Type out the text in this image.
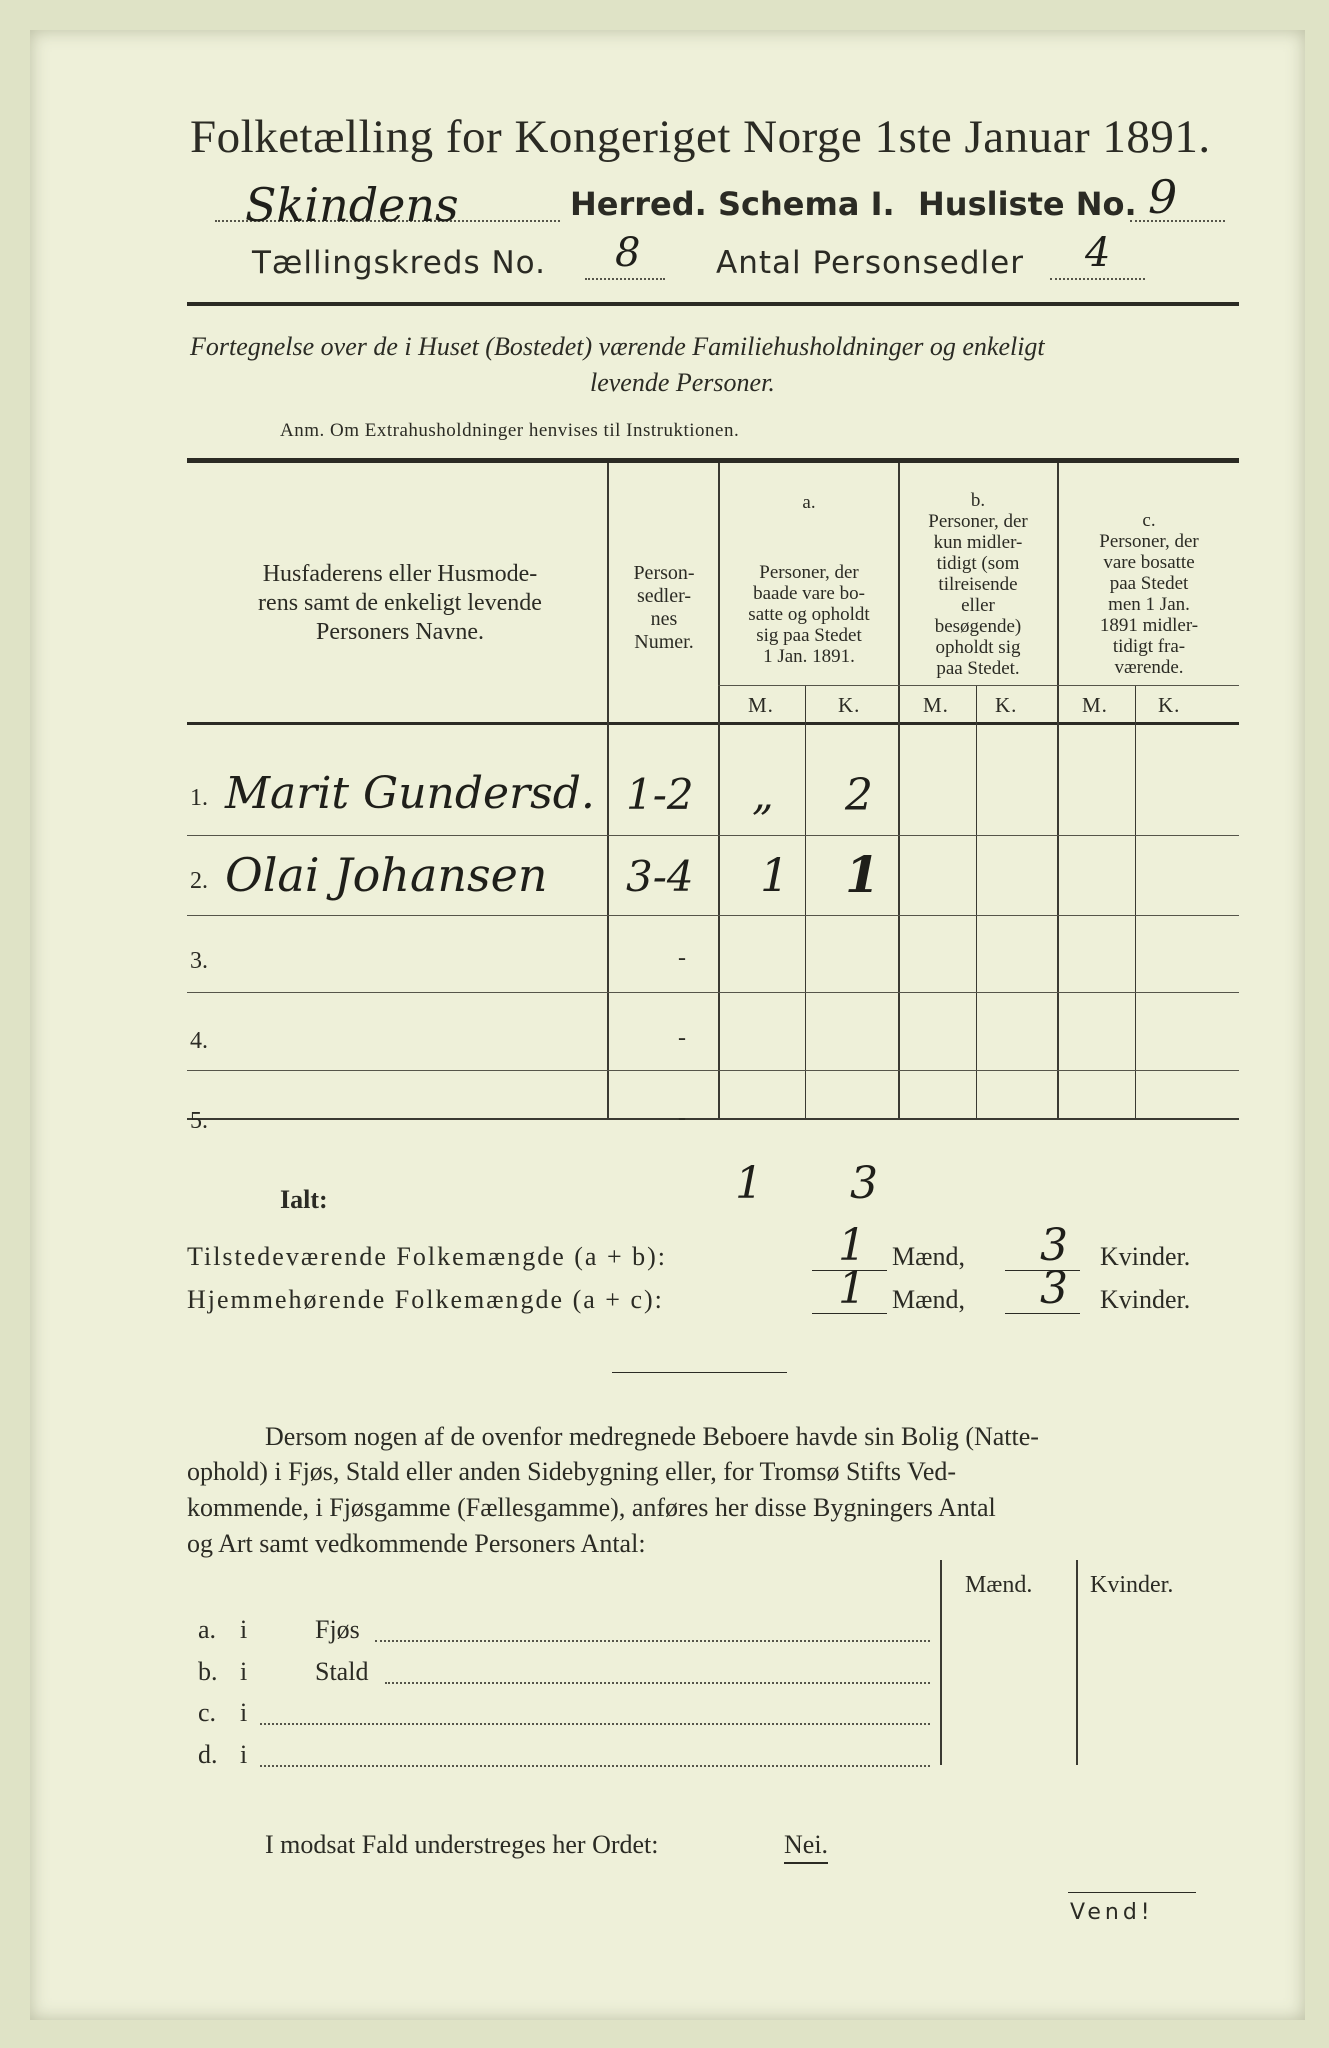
Folketælling for Kongeriget Norge 1ste Januar 1891.
Skindens	Herred. Schema I. Husliste No. 9
Tællingskreds No. 8 Antal Personsedler 4
Fortegnelse over de i Huset (Bostedet) værende Familiehusholdninger og enkeligt
levende Personer.
Anm. Om Extrahusholdninger henvises til Instruktionen.
Husfaderens eller Husmode-
rens samt de enkeligt levende
Personers Navne.
Person-
sedler-
nes
Numer.
a.
Personer, der
baade vare bo-
satte og opholdt
sig paa Stedet
1 Jan. 1891.
b.
Personer, der
kun midler-
tidigt (som
tilreisende
eller
besøgende)
opholdt sig
paa Stedet.
c.
Personer, der
vare bosatte
paa Stedet
men 1 Jan.
1891 midler-
tidigt fra-
værende.
M.	K.	M. K.	M. K.
1. Marit Gundersd. 1-2 „ 2
2. Olai Johansen 3-4 1 1
3.	-
4.	-
5.	-
Ialt:	1 3
Tilstedeværende Folkemængde (a + b):	1 Mænd, 3 Kvinder.
Hjemmehørende Folkemængde (a + c):	1 Mænd, 3 Kvinder.
Dersom nogen af de ovenfor medregnede Beboere havde sin Bolig (Natte-
ophold) i Fjøs, Stald eller anden Sidebygning eller, for Tromsø Stifts Ved-
kommende, i Fjøsgamme (Fællesgamme), anføres her disse Bygningers Antal
og Art samt vedkommende Personers Antal:
Mænd. Kvinder.
a. i	Fjøs
b. i	Stald
c. i
d. i
I modsat Fald understreges her Ordet:	Nei.
Vend!
